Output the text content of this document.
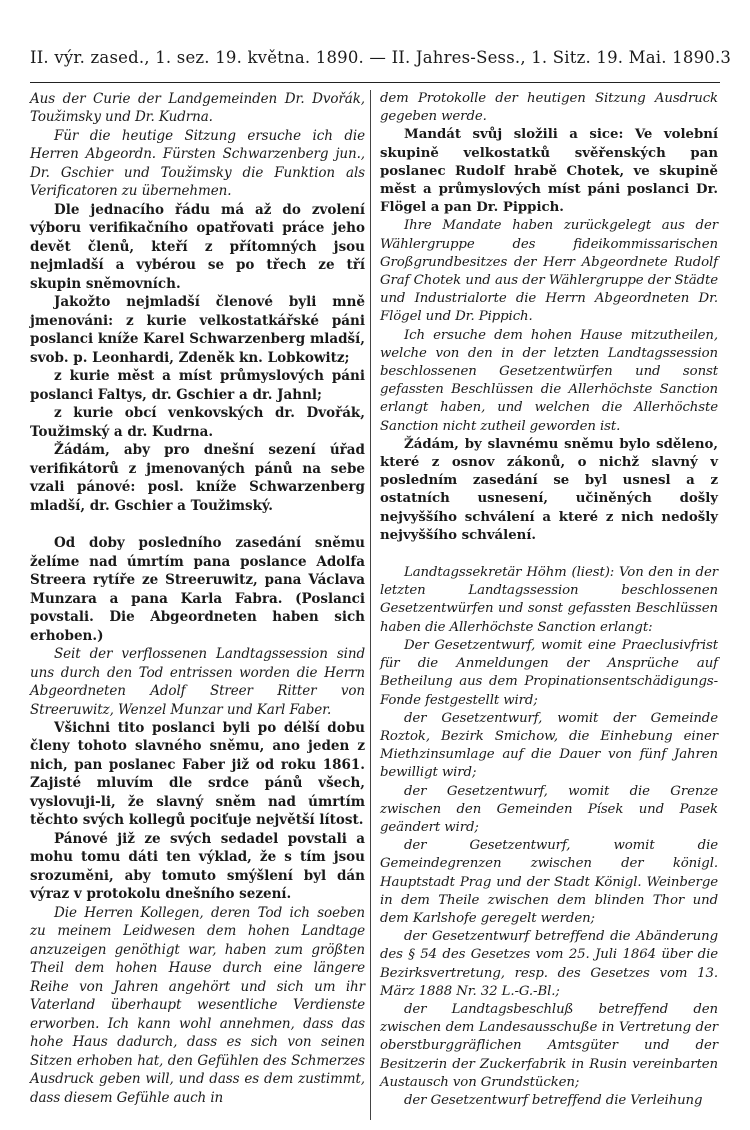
II. výr. zased., 1. sez. 19. května. 1890. — II. Jahres-Sess., 1. Sitz. 19. Mai. 1890. 3

Aus der Curie der Landgemeinden Dr. Dvořák, Toužimsky und Dr. Kudrna.

Für die heutige Sitzung ersuche ich die Herren Abgeordn. Fürsten Schwarzenberg jun., Dr. Gschier und Toužimsky die Funktion als Verificatoren zu übernehmen.

Dle jednacího řádu má až do zvolení výboru verifikačního opatřovati práce jeho devět členů, kteří z přítomných jsou nejmladší a vybérou se po třech ze tří skupin sněmovních.

Jakožto nejmladší členové byli mně jmenováni: z kurie velkostatkářské páni poslanci kníže Karel Schwarzenberg mladší, svob. p. Leonhardi, Zdeněk kn. Lobkowitz;

z kurie měst a míst průmyslových páni poslanci Faltys, dr. Gschier a dr. Jahnl;

z kurie obcí venkovských dr. Dvořák, Toužimský a dr. Kudrna.

Žádám, aby pro dnešní sezení úřad verifikátorů z jmenovaných pánů na sebe vzali pánové: posl. kníže Schwarzenberg mladší, dr. Gschier a Toužimský.

Od doby posledního zasedání sněmu želíme nad úmrtím pana poslance Adolfa Streera rytíře ze Streeruwitz, pana Václava Munzara a pana Karla Fabra. (Poslanci povstali. Die Abgeordneten haben sich erhoben.)

Seit der verflossenen Landtagssession sind uns durch den Tod entrissen worden die Herrn Abgeordneten Adolf Streer Ritter von Streeruwitz, Wenzel Munzar und Karl Faber.

Všichni tito poslanci byli po délší dobu členy tohoto slavného sněmu, ano jeden z nich, pan poslanec Faber již od roku 1861. Zajisté mluvím dle srdce pánů všech, vyslovuji-li, že slavný sněm nad úmrtím těchto svých kollegů pociťuje největší lítost.

Pánové již ze svých sedadel povstali a mohu tomu dáti ten výklad, že s tím jsou srozuměni, aby tomuto smýšlení byl dán výraz v protokolu dnešního sezení.

Die Herren Kollegen, deren Tod ich soeben zu meinem Leidwesen dem hohen Landtage anzuzeigen genöthigt war, haben zum größten Theil dem hohen Hause durch eine längere Reihe von Jahren angehört und sich um ihr Vaterland überhaupt wesentliche Verdienste erworben. Ich kann wohl annehmen, dass das hohe Haus dadurch, dass es sich von seinen Sitzen erhoben hat, den Gefühlen des Schmerzes Ausdruck geben will, und dass es dem zustimmt, dass diesem Gefühle auch in

dem Protokolle der heutigen Sitzung Ausdruck gegeben werde.

Mandát svůj složili a sice: Ve volební skupině velkostatků svěřenských pan poslanec Rudolf hrabě Chotek, ve skupině měst a průmyslových míst páni poslanci Dr. Flögel a pan Dr. Pippich.

Ihre Mandate haben zurückgelegt aus der Wählergruppe des fideikommissarischen Großgrundbesitzes der Herr Abgeordnete Rudolf Graf Chotek und aus der Wählergruppe der Städte und Industrialorte die Herrn Abgeordneten Dr. Flögel und Dr. Pippich.

Ich ersuche dem hohen Hause mitzutheilen, welche von den in der letzten Landtagssession beschlossenen Gesetzentwürfen und sonst gefassten Beschlüssen die Allerhöchste Sanction erlangt haben, und welchen die Allerhöchste Sanction nicht zutheil geworden ist.

Žádám, by slavnému sněmu bylo sděleno, které z osnov zákonů, o nichž slavný v posledním zasedání se byl usnesl a z ostatních usnesení, učiněných došly nejvyššího schválení a které z nich nedošly nejvyššího schválení.

Landtagssekretär Höhm (liest): Von den in der letzten Landtagssession beschlossenen Gesetzentwürfen und sonst gefassten Beschlüssen haben die Allerhöchste Sanction erlangt:

Der Gesetzentwurf, womit eine Praeclusivfrist für die Anmeldungen der Ansprüche auf Betheilung aus dem Propinationsentschädigungs-Fonde festgestellt wird;

der Gesetzentwurf, womit der Gemeinde Roztok, Bezirk Smichow, die Einhebung einer Miethzinsumlage auf die Dauer von fünf Jahren bewilligt wird;

der Gesetzentwurf, womit die Grenze zwischen den Gemeinden Písek und Pasek geändert wird;

der Gesetzentwurf, womit die Gemeindegrenzen zwischen der königl. Hauptstadt Prag und der Stadt Königl. Weinberge in dem Theile zwischen dem blinden Thor und dem Karlshofe geregelt werden;

der Gesetzentwurf betreffend die Abänderung des § 54 des Gesetzes vom 25. Juli 1864 über die Bezirksvertretung, resp. des Gesetzes vom 13. März 1888 Nr. 32 L.-G.-Bl.;

der Landtagsbeschluß betreffend den zwischen dem Landesausschuße in Vertretung der oberstburggräflichen Amtsgüter und der Besitzerin der Zuckerfabrik in Rusin vereinbarten Austausch von Grundstücken;

der Gesetzentwurf betreffend die Verleihung
